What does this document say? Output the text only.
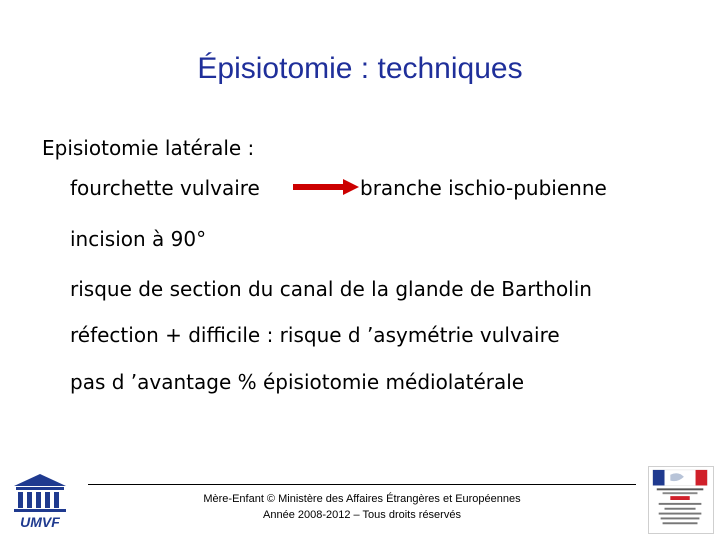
Épisiotomie : techniques
Episiotomie latérale :
fourchette vulvaire	branche ischio-pubienne
incision à 90°
risque de section du canal de la glande de Bartholin
réfection + difficile : risque d ’asymétrie vulvaire
pas d ’avantage % épisiotomie médiolatérale
UMVF
Mère-Enfant © Ministère des Affaires Étrangères et Européennes
Année 2008-2012 – Tous droits réservés
